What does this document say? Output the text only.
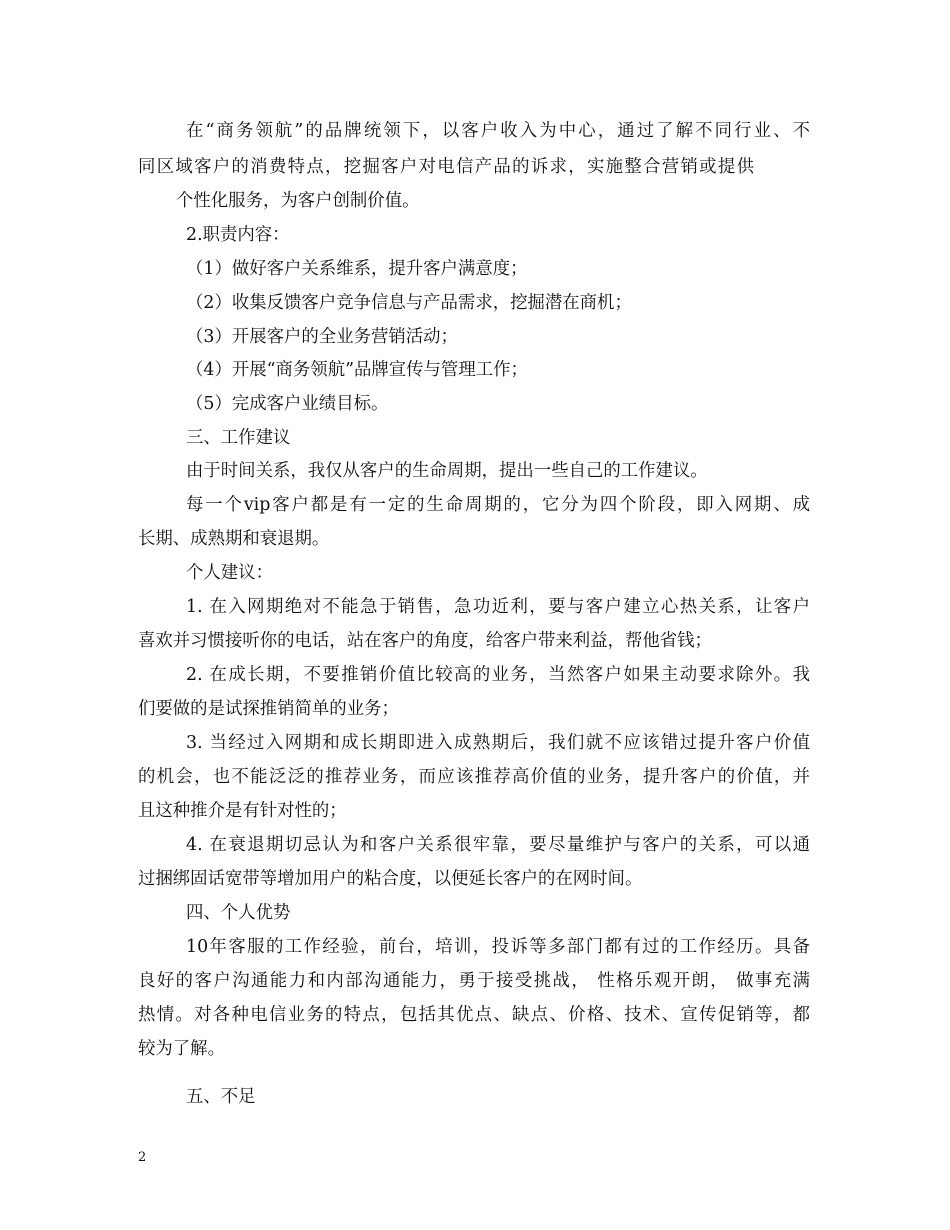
在“商务领航”的品牌统领下，以客户收入为中心，通过了解不同行业、不
同区域客户的消费特点，挖掘客户对电信产品的诉求，实施整合营销或提供
个性化服务，为客户创制价值。
2.职责内容：
（1）做好客户关系维系，提升客户满意度；
（2）收集反馈客户竞争信息与产品需求，挖掘潜在商机；
（3）开展客户的全业务营销活动；
（4）开展“商务领航”品牌宣传与管理工作；
（5）完成客户业绩目标。
三、工作建议
由于时间关系，我仅从客户的生命周期，提出一些自己的工作建议。
每一个vip客户都是有一定的生命周期的，它分为四个阶段，即入网期、成
长期、成熟期和衰退期。
个人建议：
1. 在入网期绝对不能急于销售，急功近利，要与客户建立心热关系，让客户
喜欢并习惯接听你的电话，站在客户的角度，给客户带来利益，帮他省钱；
2. 在成长期，不要推销价值比较高的业务，当然客户如果主动要求除外。我
们要做的是试探推销简单的业务；
3. 当经过入网期和成长期即进入成熟期后，我们就不应该错过提升客户价值
的机会，也不能泛泛的推荐业务，而应该推荐高价值的业务，提升客户的价值，并
且这种推介是有针对性的；
4. 在衰退期切忌认为和客户关系很牢靠，要尽量维护与客户的关系，可以通
过捆绑固话宽带等增加用户的粘合度，以便延长客户的在网时间。
四、个人优势
10年客服的工作经验，前台，培训，投诉等多部门都有过的工作经历。具备
良好的客户沟通能力和内部沟通能力，勇于接受挑战， 性格乐观开朗， 做事充满
热情。对各种电信业务的特点，包括其优点、缺点、价格、技术、宣传促销等，都
较为了解。
五、不足
2
